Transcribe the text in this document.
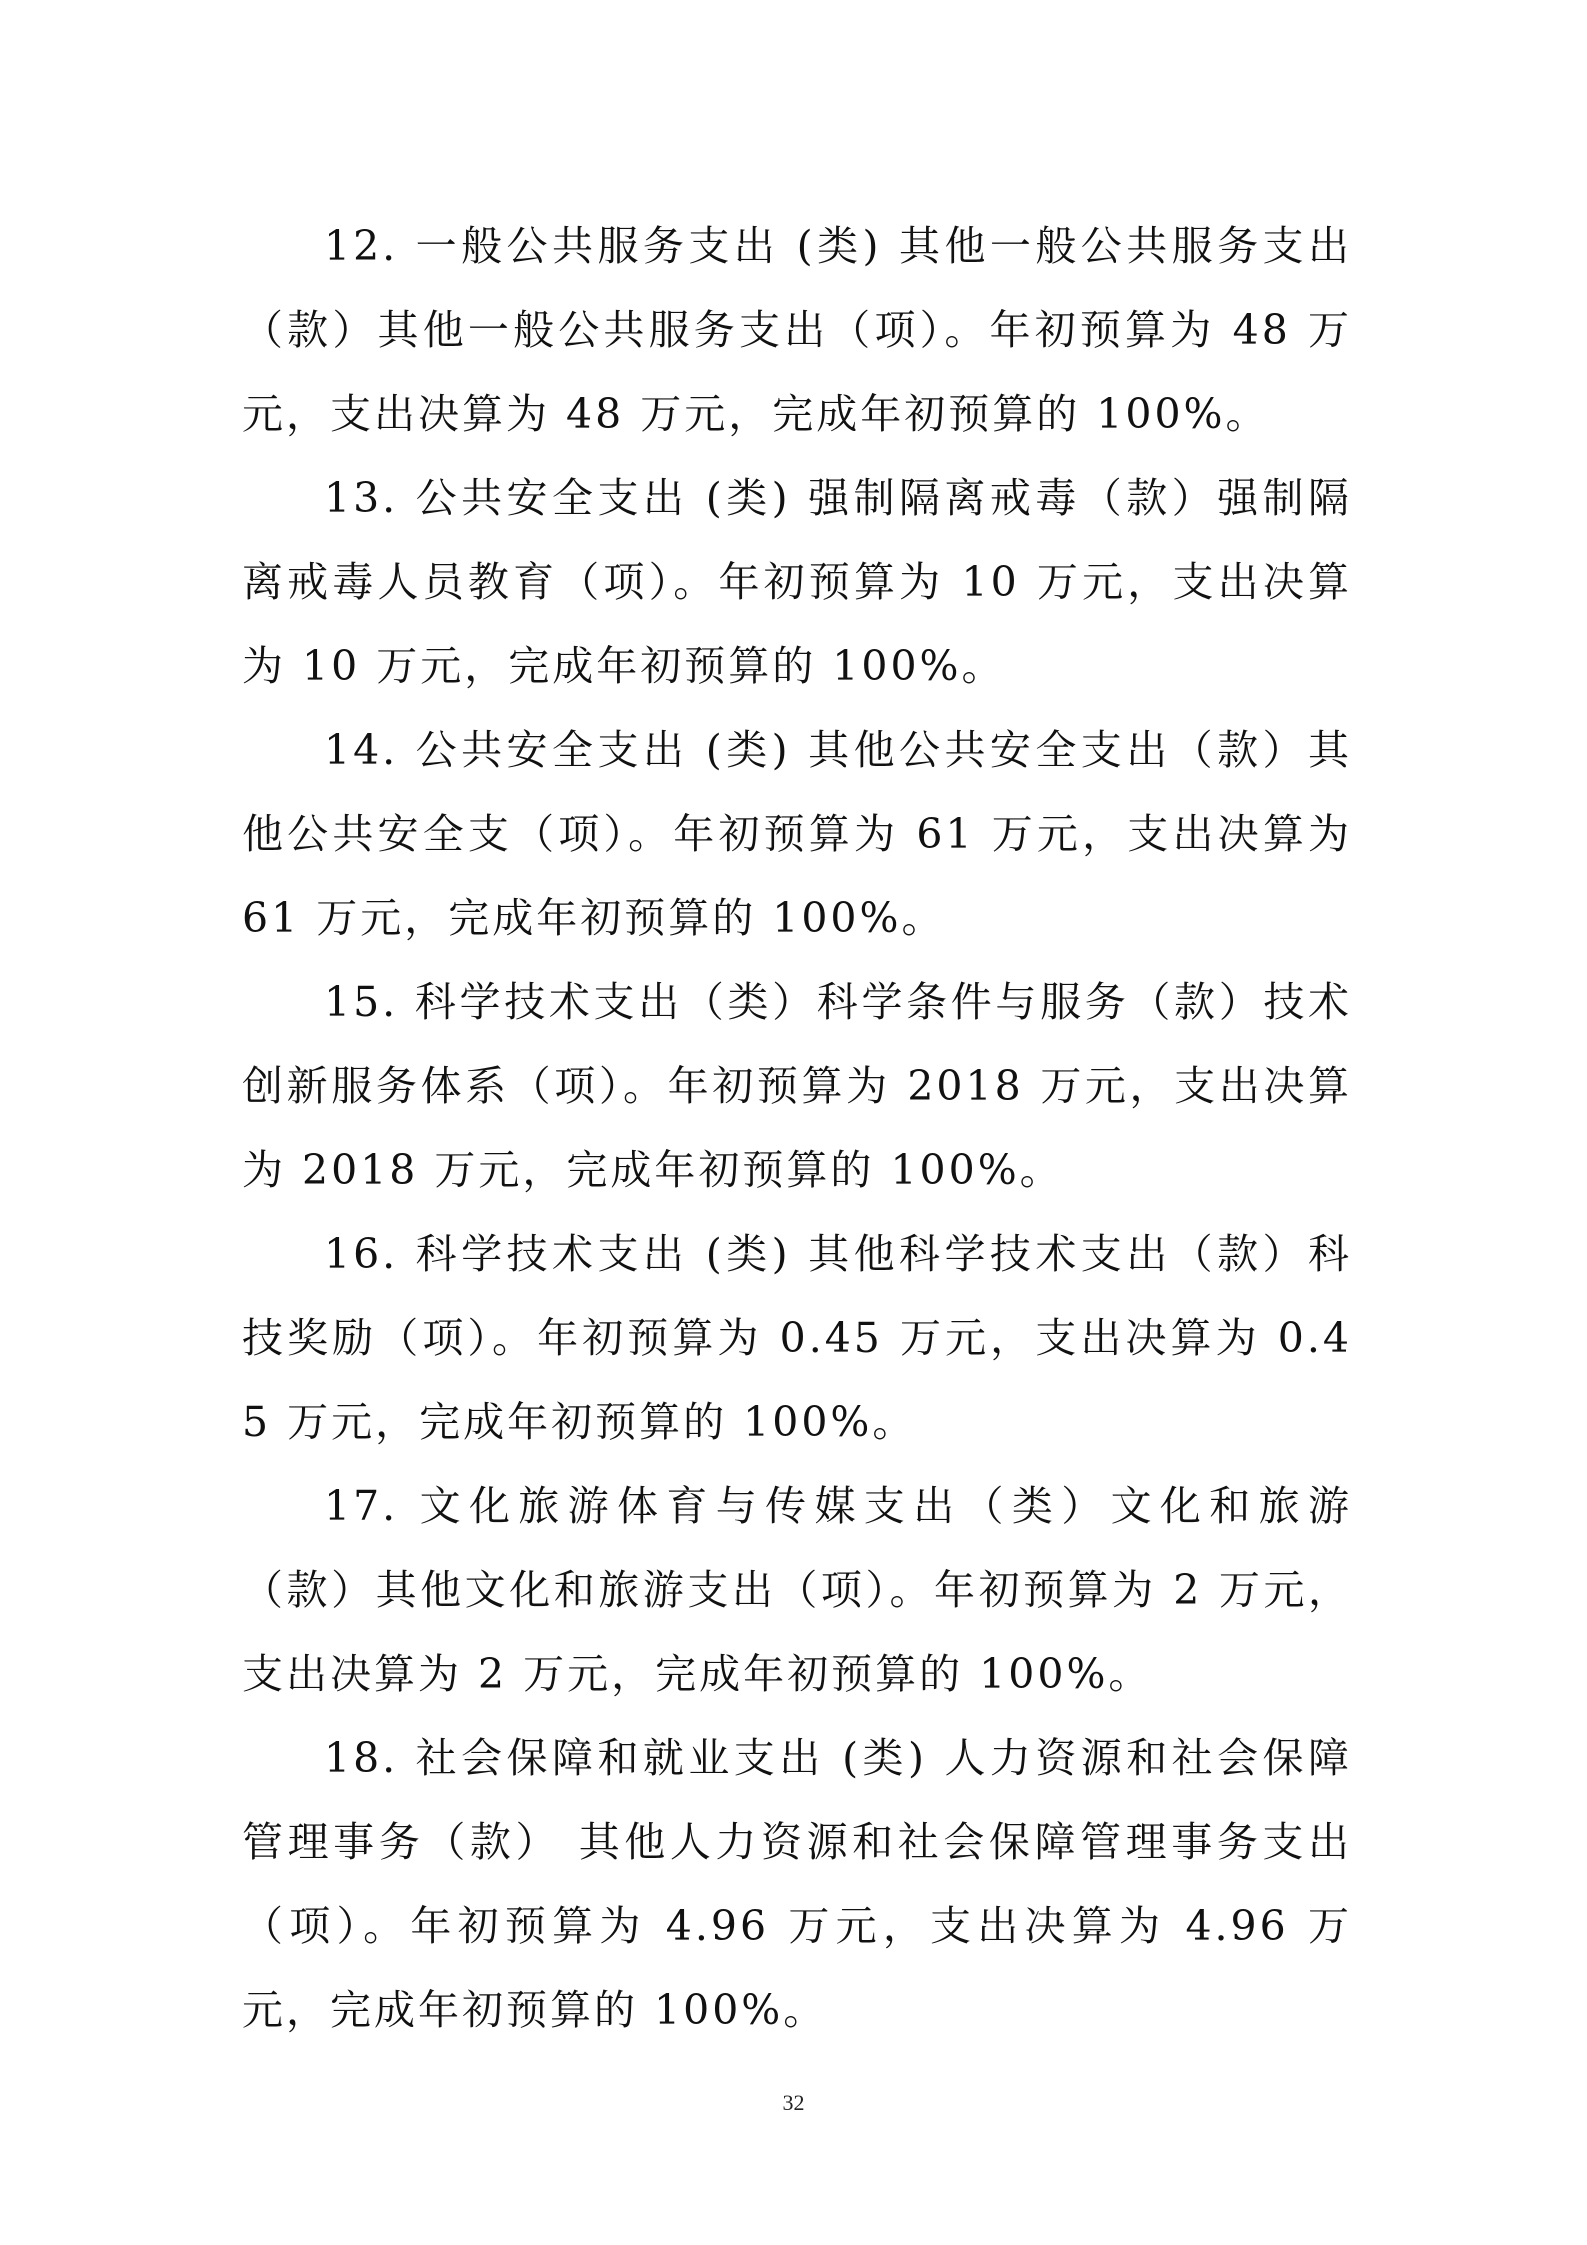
12. 一般公共服务支出 (类) 其他一般公共服务支出（款）其他一般公共服务支出（项）。年初预算为 48 万元，支出决算为 48 万元，完成年初预算的 100%。

13. 公共安全支出 (类) 强制隔离戒毒（款）强制隔离戒毒人员教育（项）。年初预算为 10 万元，支出决算为 10 万元，完成年初预算的 100%。

14. 公共安全支出 (类) 其他公共安全支出（款）其他公共安全支（项）。年初预算为 61 万元，支出决算为 61 万元，完成年初预算的 100%。

15. 科学技术支出（类）科学条件与服务（款）技术创新服务体系（项）。年初预算为 2018 万元，支出决算为 2018 万元，完成年初预算的 100%。

16. 科学技术支出 (类) 其他科学技术支出（款）科技奖励（项）。年初预算为 0.45 万元，支出决算为 0.45 万元，完成年初预算的 100%。

17. 文化旅游体育与传媒支出（类）文化和旅游（款）其他文化和旅游支出（项）。年初预算为 2 万元，支出决算为 2 万元，完成年初预算的 100%。

18. 社会保障和就业支出 (类) 人力资源和社会保障管理事务（款） 其他人力资源和社会保障管理事务支出（项）。年初预算为 4.96 万元，支出决算为 4.96 万元，完成年初预算的 100%。

32
